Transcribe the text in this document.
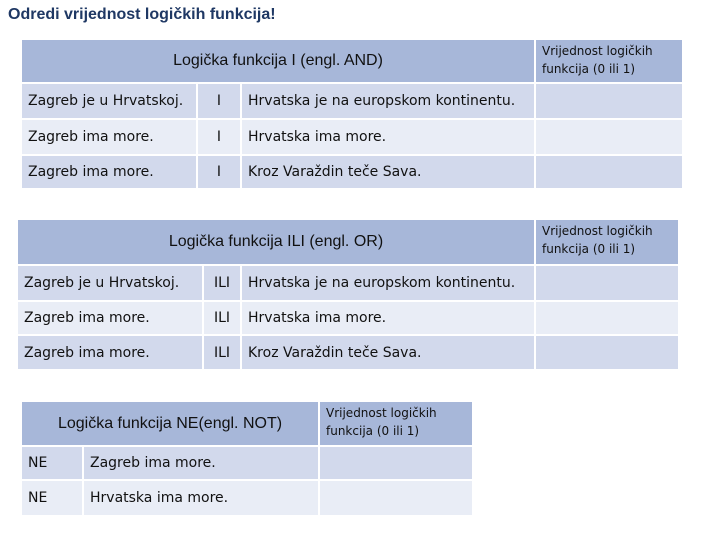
Odredi vrijednost logičkih funkcija!
Logička funkcija I (engl. AND)
Vrijednost logičkih funkcija (0 ili 1)
Zagreb je u Hrvatskoj.	I	Hrvatska je na europskom kontinentu.
Zagreb ima more.	I	Hrvatska ima more.
Zagreb ima more.	I	Kroz Varaždin teče Sava.
Logička funkcija ILI (engl. OR)
Vrijednost logičkih funkcija (0 ili 1)
Zagreb je u Hrvatskoj.	ILI	Hrvatska je na europskom kontinentu.
Zagreb ima more.	ILI	Hrvatska ima more.
Zagreb ima more.	ILI	Kroz Varaždin teče Sava.
Logička funkcija NE(engl. NOT)
Vrijednost logičkih funkcija (0 ili 1)
NE	Zagreb ima more.
NE	Hrvatska ima more.
